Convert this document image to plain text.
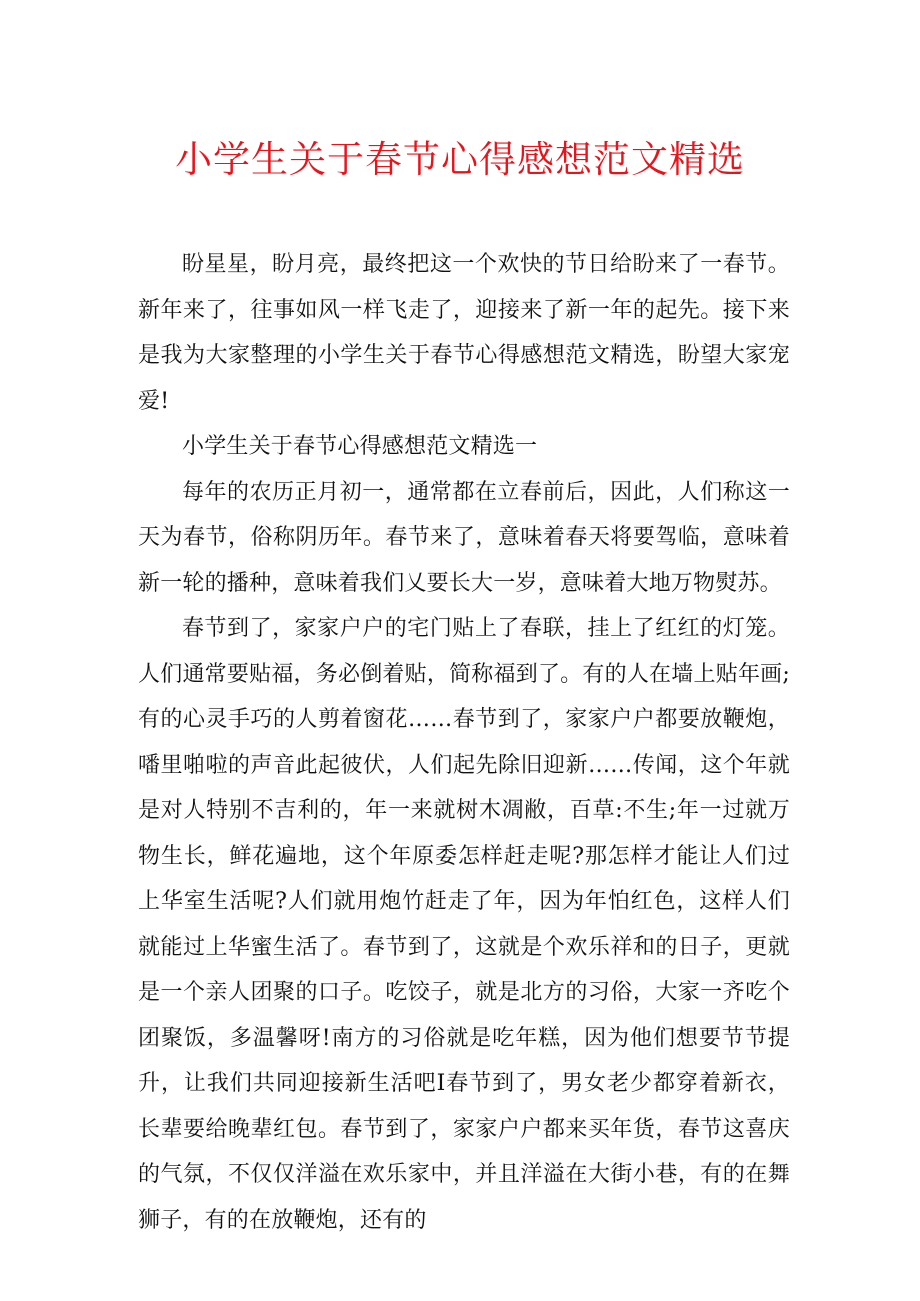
小学生关于春节心得感想范文精选

盼星星，盼月亮，最终把这一个欢快的节日给盼来了一春节。新年来了，往事如风一样飞走了，迎接来了新一年的起先。接下来是我为大家整理的小学生关于春节心得感想范文精选，盼望大家宠爱!

小学生关于春节心得感想范文精选一

每年的农历正月初一，通常都在立春前后，因此，人们称这一天为春节，俗称阴历年。春节来了，意味着春天将要驾临，意味着新一轮的播种，意味着我们乂要长大一岁，意味着大地万物熨苏。

春节到了，家家户户的宅门贴上了春联，挂上了红红的灯笼。人们通常要贴福，务必倒着贴，简称福到了。有的人在墙上贴年画;有的心灵手巧的人剪着窗花……春节到了，家家户户都要放鞭炮，噃里啪啦的声音此起彼伏，人们起先除旧迎新……传闻，这个年就是对人特别不吉利的，年一来就树木凋敝，百草:不生;年一过就万物生长，鲜花遍地，这个年原委怎样赶走呢?那怎样才能让人们过上华室生活呢?人们就用炮竹赶走了年，因为年怕红色，这样人们就能过上华蜜生活了。春节到了，这就是个欢乐祥和的日子，更就是一个亲人团聚的口子。吃饺子，就是北方的习俗，大家一齐吃个团聚饭，多温馨呀!南方的习俗就是吃年糕，因为他们想要节节提升，让我们共同迎接新生活吧Ⅰ春节到了，男女老少都穿着新衣，长辈要给晚辈红包。春节到了，家家户户都来买年货，春节这喜庆的气氛，不仅仅洋溢在欢乐家中，并且洋溢在大街小巷，有的在舞狮子，有的在放鞭炮，还有的
